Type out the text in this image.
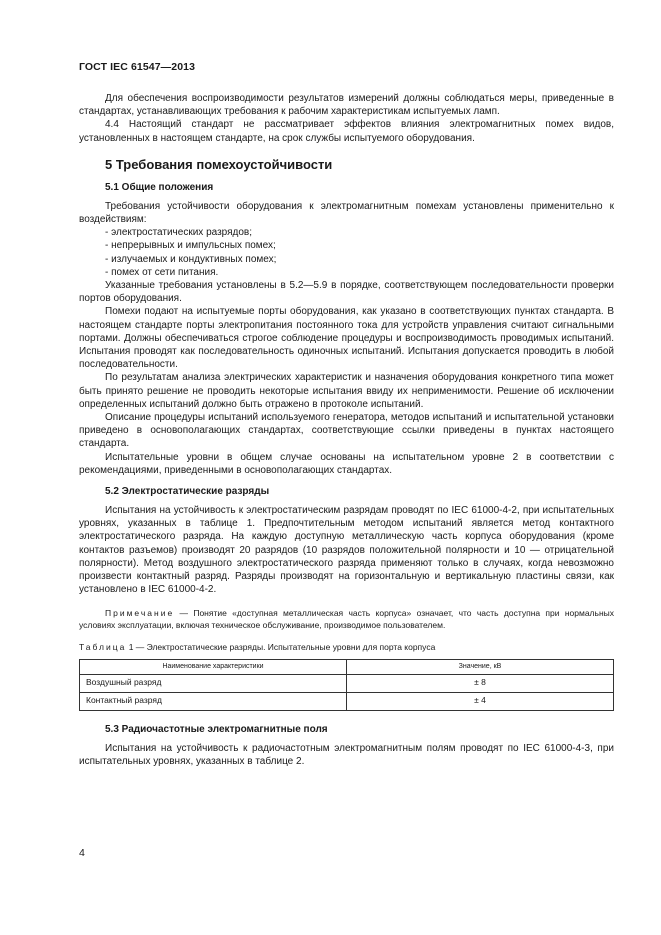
ГОСТ IEC 61547—2013

Для обеспечения воспроизводимости результатов измерений должны соблюдаться меры, приведенные в стандартах, устанавливающих требования к рабочим характеристикам испытуемых ламп.

4.4 Настоящий стандарт не рассматривает эффектов влияния электромагнитных помех видов, установленных в настоящем стандарте, на срок службы испытуемого оборудования.

5 Требования помехоустойчивости
5.1 Общие положения

Требования устойчивости оборудования к электромагнитным помехам установлены применительно к воздействиям:

- электростатических разрядов;
- непрерывных и импульсных помех;
- излучаемых и кондуктивных помех;
- помех от сети питания.

Указанные требования установлены в 5.2—5.9 в порядке, соответствующем последовательности проверки портов оборудования.

Помехи подают на испытуемые порты оборудования, как указано в соответствующих пунктах стандарта. В настоящем стандарте порты электропитания постоянного тока для устройств управления считают сигнальными портами. Должны обеспечиваться строгое соблюдение процедуры и воспроизводимость проводимых испытаний. Испытания проводят как последовательность одиночных испытаний. Испытания допускается проводить в любой последовательности.

По результатам анализа электрических характеристик и назначения оборудования конкретного типа может быть принято решение не проводить некоторые испытания ввиду их неприменимости. Решение об исключении определенных испытаний должно быть отражено в протоколе испытаний.

Описание процедуры испытаний используемого генератора, методов испытаний и испытательной установки приведено в основополагающих стандартах, соответствующие ссылки приведены в пунктах настоящего стандарта.

Испытательные уровни в общем случае основаны на испытательном уровне 2 в соответствии с рекомендациями, приведенными в основополагающих стандартах.

5.2 Электростатические разряды

Испытания на устойчивость к электростатическим разрядам проводят по IEC 61000-4-2, при испытательных уровнях, указанных в таблице 1. Предпочтительным методом испытаний является метод контактного электростатического разряда. На каждую доступную металлическую часть корпуса оборудования (кроме контактов разъемов) производят 20 разрядов (10 разрядов положительной полярности и 10 — отрицательной полярности). Метод воздушного электростатического разряда применяют только в случаях, когда невозможно произвести контактный разряд. Разряды производят на горизонтальную и вертикальную пластины связи, как установлено в IEC 61000-4-2.

Примечание — Понятие «доступная металлическая часть корпуса» означает, что часть доступна при нормальных условиях эксплуатации, включая техническое обслуживание, производимое пользователем.

Таблица 1 — Электростатические разряды. Испытательные уровни для порта корпуса
Наименование характеристики	Значение, кВ
Воздушный разряд	± 8
Контактный разряд	± 4
5.3 Радиочастотные электромагнитные поля

Испытания на устойчивость к радиочастотным электромагнитным полям проводят по IEC 61000-4-3, при испытательных уровнях, указанных в таблице 2.

4
